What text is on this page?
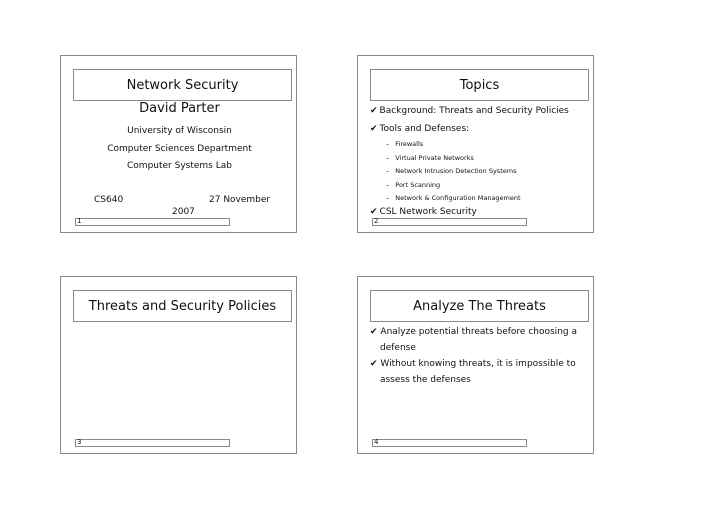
Network Security
David Parter
University of Wisconsin
Computer Sciences Department
Computer Systems Lab
CS640	27 November
2007
1
Topics
✔ Background: Threats and Security Policies
✔ Tools and Defenses:
– Firewalls
– Virtual Private Networks
– Network Intrusion Detection Systems
– Port Scanning
– Network & Configuration Management
✔ CSL Network Security
2
Threats and Security Policies
3
Analyze The Threats
✔ Analyze potential threats before choosing a defense
✔ Without knowing threats, it is impossible to assess the defenses
4
